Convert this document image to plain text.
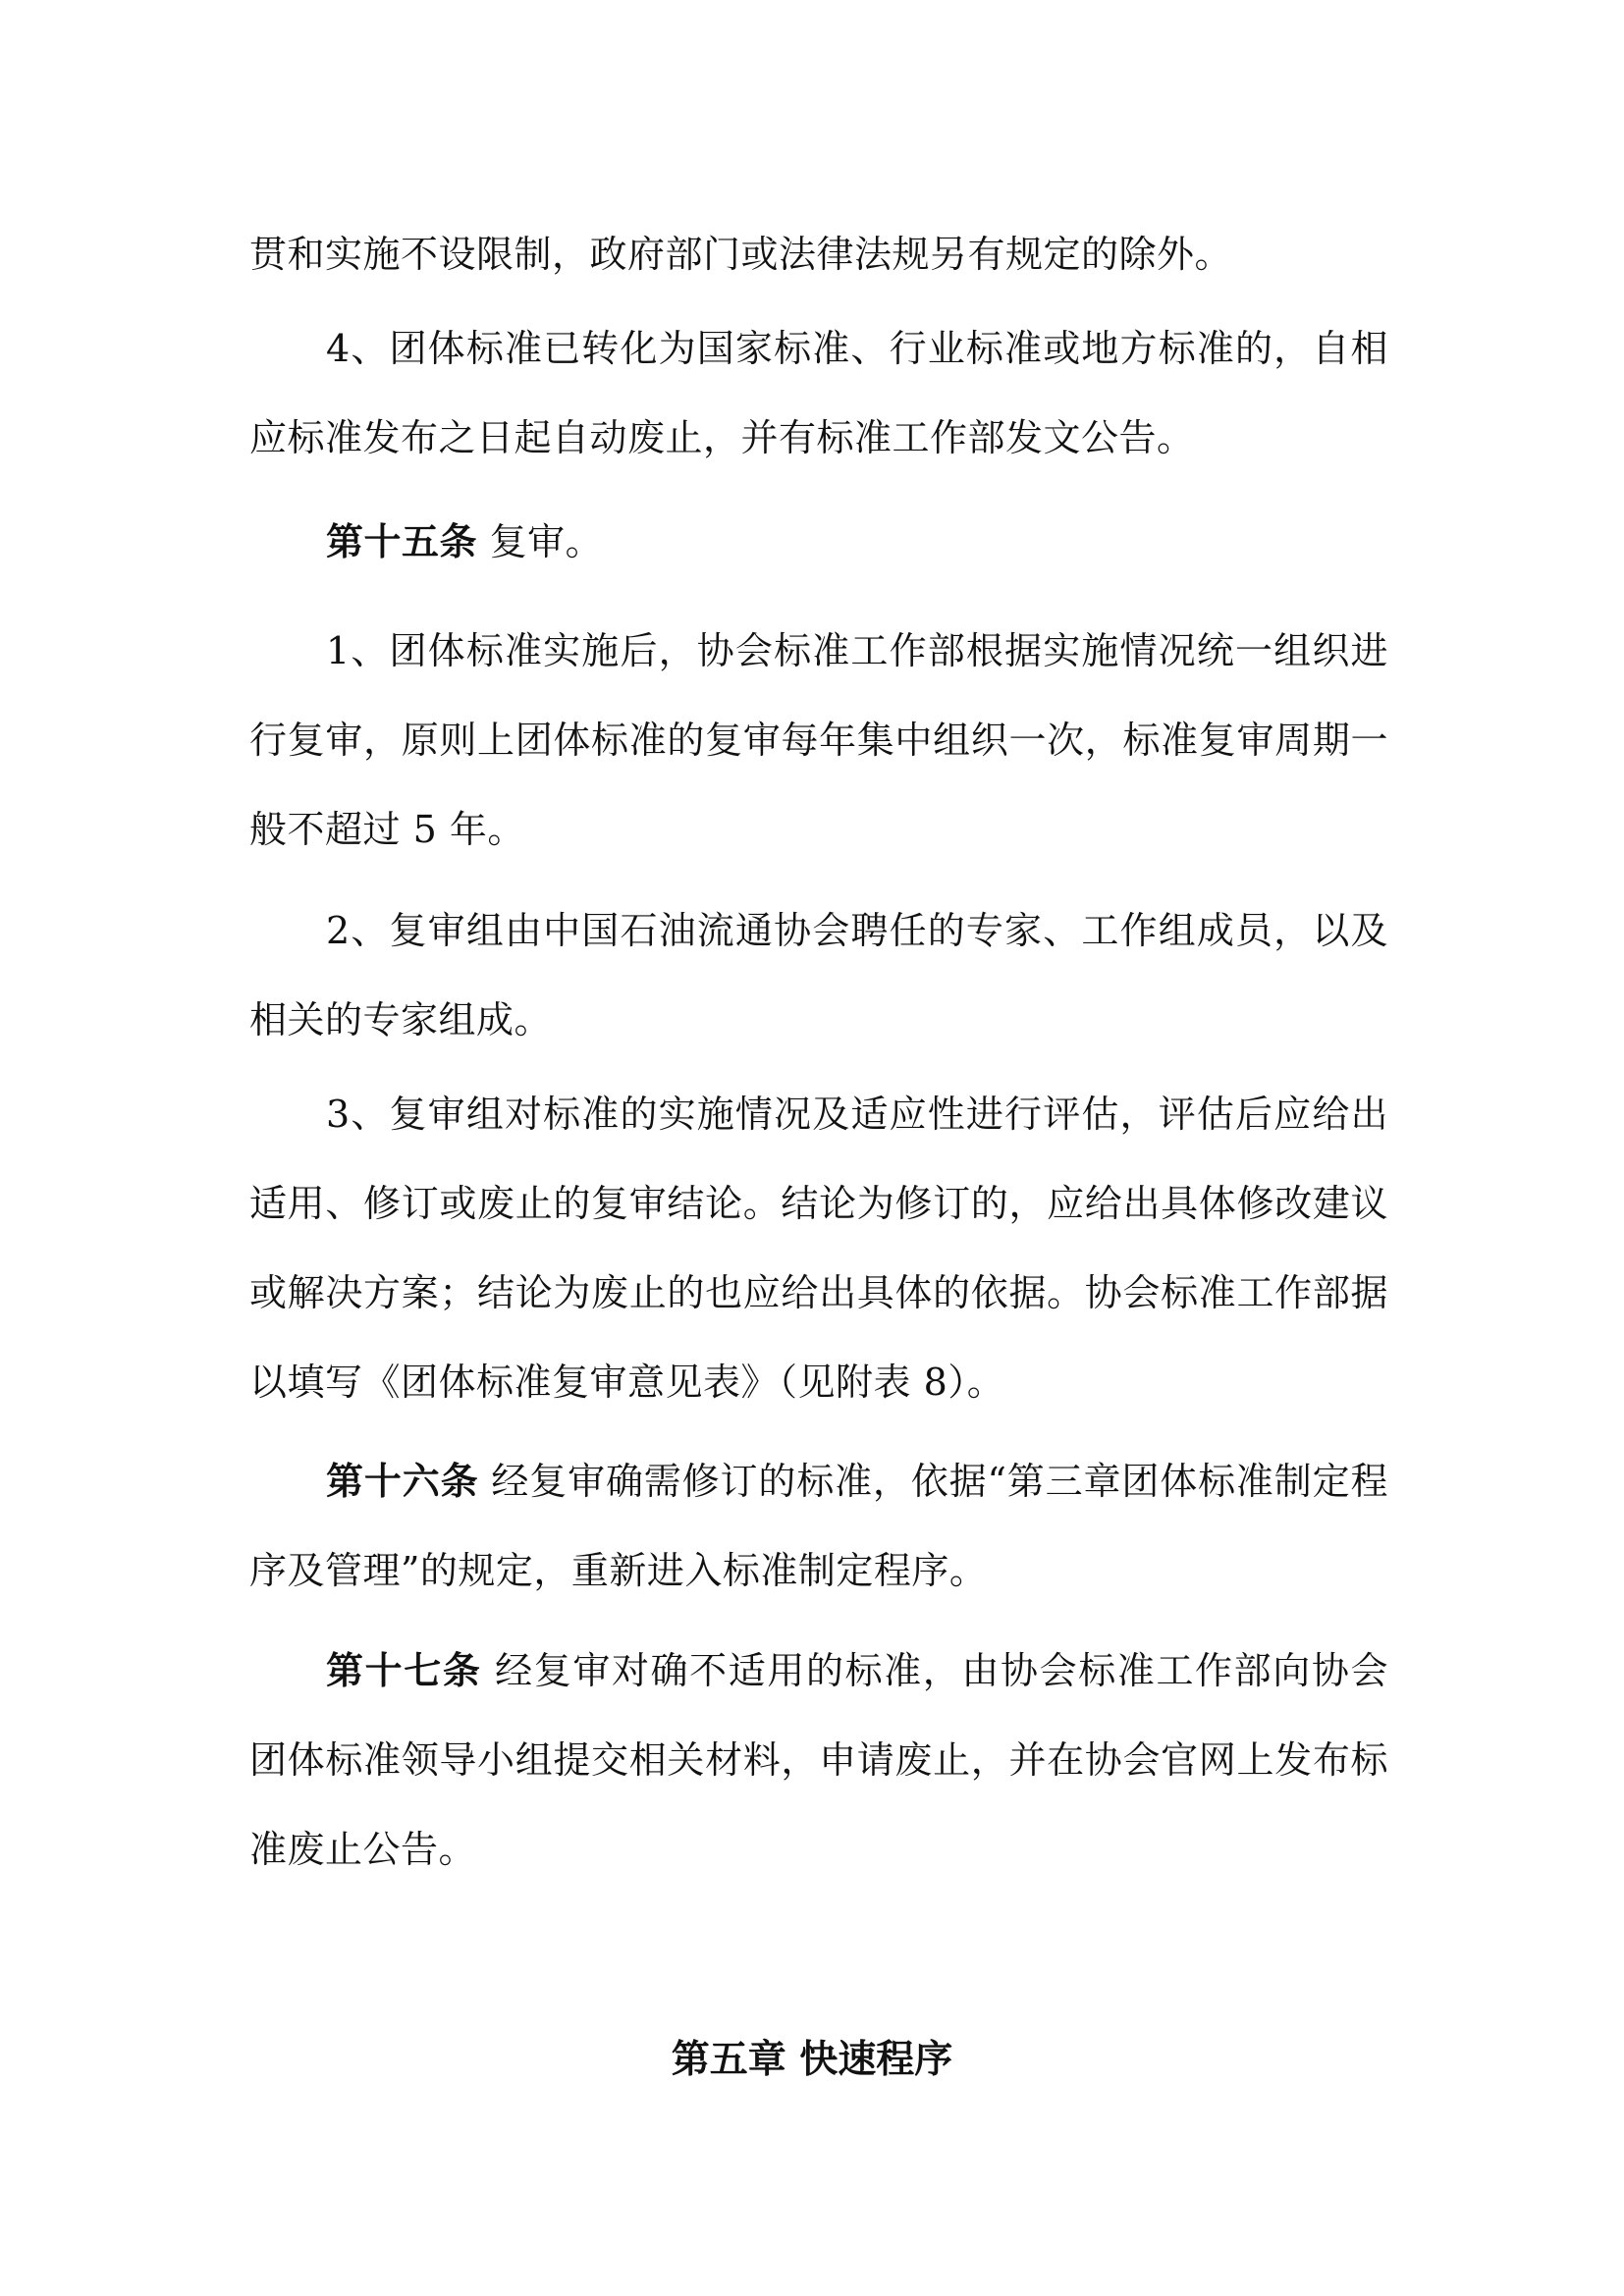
贯和实施不设限制，政府部门或法律法规另有规定的除外。

4、团体标准已转化为国家标准、行业标准或地方标准的，自相应标准发布之日起自动废止，并有标准工作部发文公告。

第十五条 复审。

1、团体标准实施后，协会标准工作部根据实施情况统一组织进行复审，原则上团体标准的复审每年集中组织一次，标准复审周期一般不超过 5 年。

2、复审组由中国石油流通协会聘任的专家、工作组成员，以及相关的专家组成。

3、复审组对标准的实施情况及适应性进行评估，评估后应给出适用、修订或废止的复审结论。结论为修订的，应给出具体修改建议或解决方案；结论为废止的也应给出具体的依据。协会标准工作部据以填写《团体标准复审意见表》（见附表 8）。

第十六条 经复审确需修订的标准，依据“第三章团体标准制定程序及管理”的规定，重新进入标准制定程序。

第十七条 经复审对确不适用的标准，由协会标准工作部向协会团体标准领导小组提交相关材料，申请废止，并在协会官网上发布标准废止公告。

第五章 快速程序
